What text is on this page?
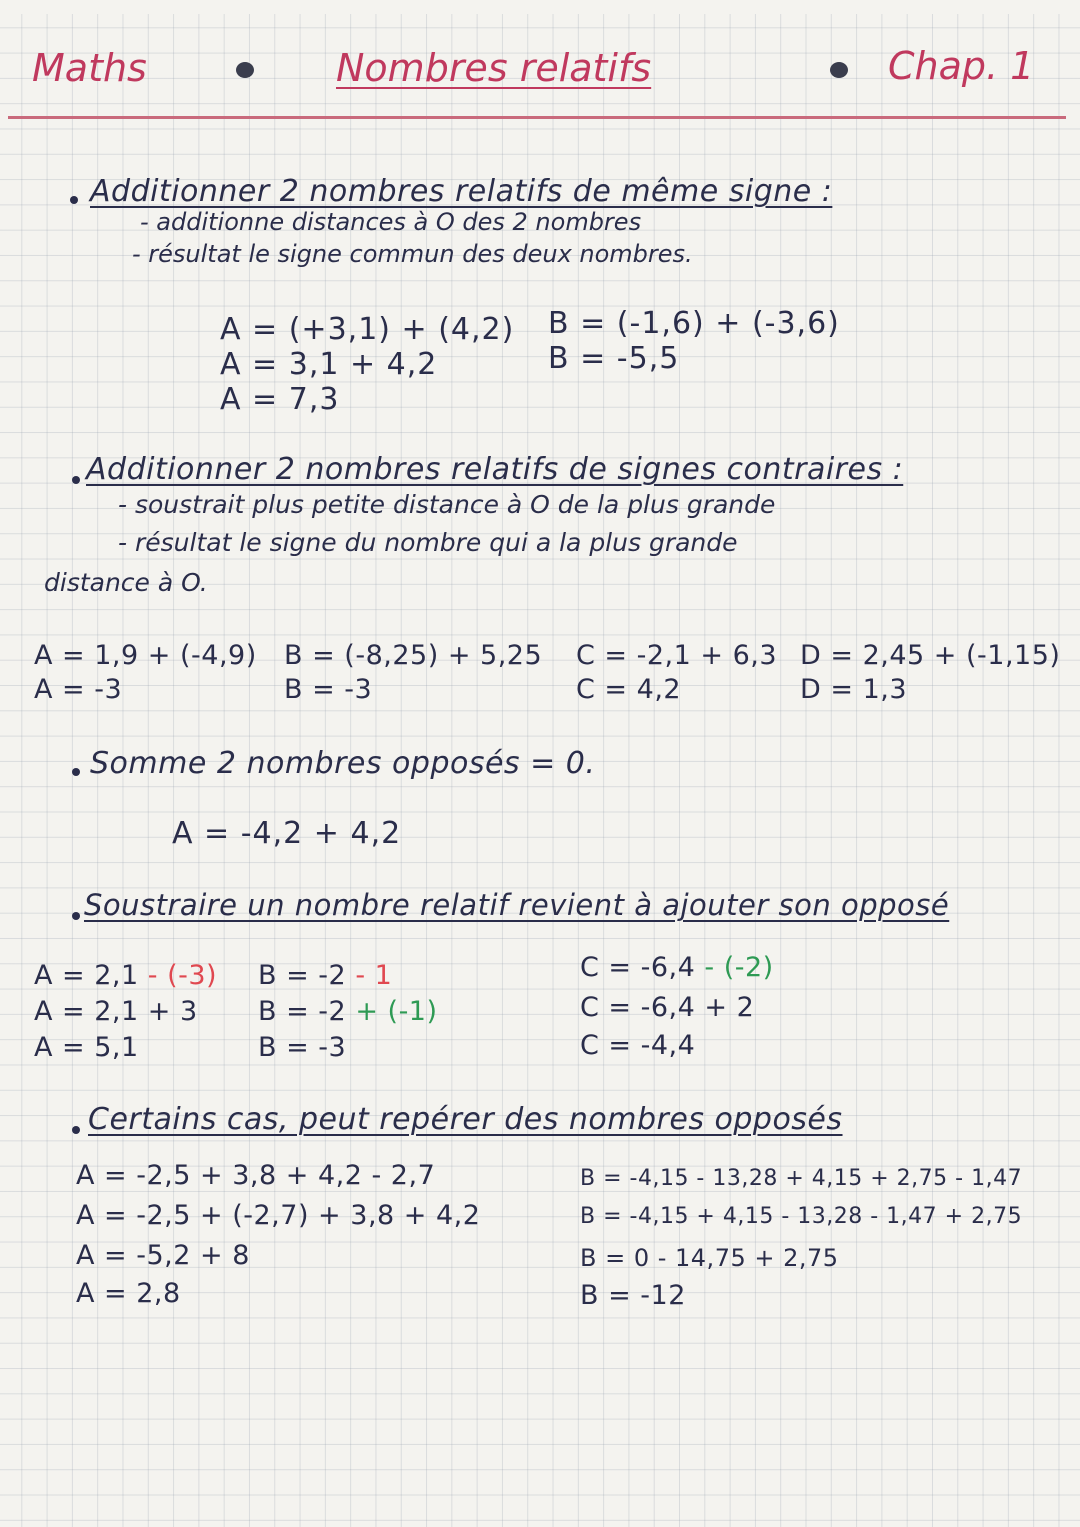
Maths	Nombres relatifs	Chap. 1
Additionner 2 nombres relatifs de même signe :
- additionne distances à O des 2 nombres
- résultat le signe commun des deux nombres.
A = (+3,1) + (4,2)
A = 3,1 + 4,2
A = 7,3
B = (-1,6) + (-3,6)
B = -5,5
Additionner 2 nombres relatifs de signes contraires :
- soustrait plus petite distance à O de la plus grande
- résultat le signe du nombre qui a la plus grande
distance à O.
A = 1,9 + (-4,9)
A = -3
B = (-8,25) + 5,25
B = -3
C = -2,1 + 6,3
C = 4,2
D = 2,45 + (-1,15)
D = 1,3
Somme 2 nombres opposés = 0.
A = -4,2 + 4,2
Soustraire un nombre relatif revient à ajouter son opposé
A = 2,1 - (-3)
A = 2,1 + 3
A = 5,1
B = -2 - 1
B = -2 + (-1)
B = -3
C = -6,4 - (-2)
C = -6,4 + 2
C = -4,4
Certains cas, peut repérer des nombres opposés
A = -2,5 + 3,8 + 4,2 - 2,7
A = -2,5 + (-2,7) + 3,8 + 4,2
A = -5,2 + 8
A = 2,8
B = -4,15 - 13,28 + 4,15 + 2,75 - 1,47
B = -4,15 + 4,15 - 13,28 - 1,47 + 2,75
B = 0 - 14,75 + 2,75
B = -12
